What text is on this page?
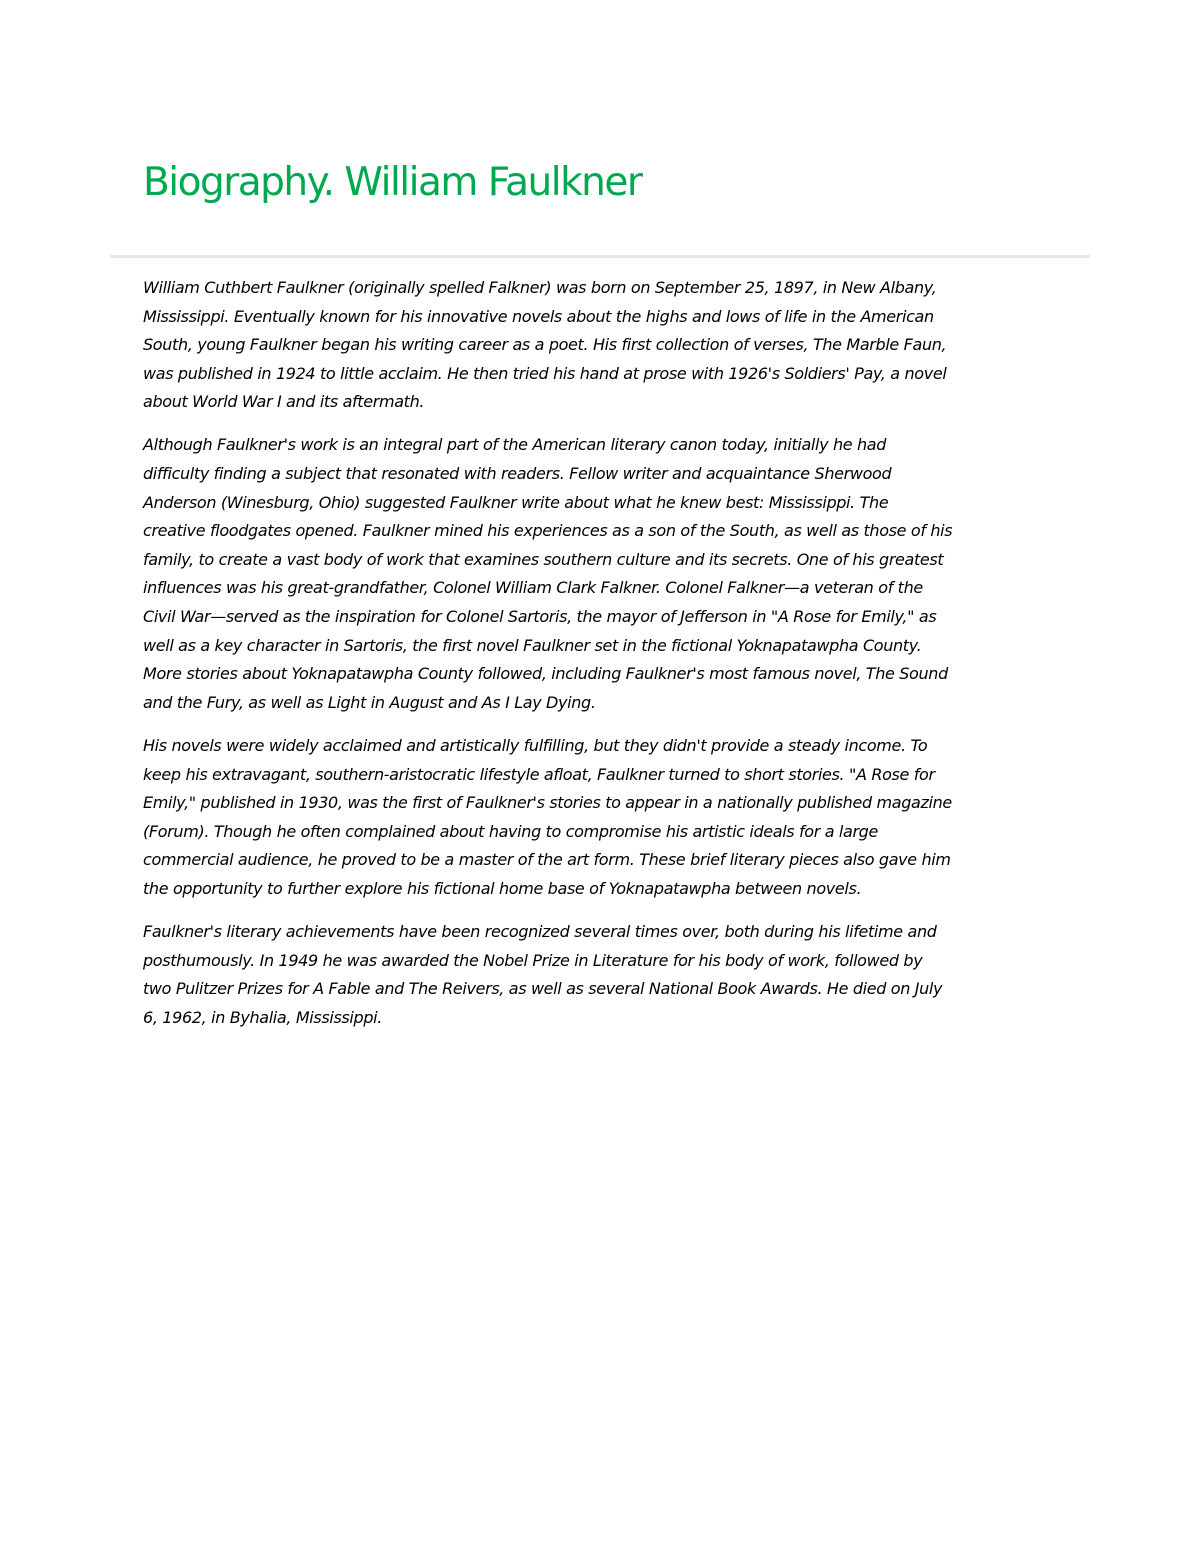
Biography. William Faulkner

William Cuthbert Faulkner (originally spelled Falkner) was born on September 25, 1897, in New Albany,
Mississippi. Eventually known for his innovative novels about the highs and lows of life in the American
South, young Faulkner began his writing career as a poet. His first collection of verses, The Marble Faun,
was published in 1924 to little acclaim. He then tried his hand at prose with 1926's Soldiers' Pay, a novel
about World War I and its aftermath.

Although Faulkner's work is an integral part of the American literary canon today, initially he had
difficulty finding a subject that resonated with readers. Fellow writer and acquaintance Sherwood
Anderson (Winesburg, Ohio) suggested Faulkner write about what he knew best: Mississippi. The
creative floodgates opened. Faulkner mined his experiences as a son of the South, as well as those of his
family, to create a vast body of work that examines southern culture and its secrets. One of his greatest
influences was his great-grandfather, Colonel William Clark Falkner. Colonel Falkner—a veteran of the
Civil War—served as the inspiration for Colonel Sartoris, the mayor of Jefferson in "A Rose for Emily," as
well as a key character in Sartoris, the first novel Faulkner set in the fictional Yoknapatawpha County.
More stories about Yoknapatawpha County followed, including Faulkner's most famous novel, The Sound
and the Fury, as well as Light in August and As I Lay Dying.

His novels were widely acclaimed and artistically fulfilling, but they didn't provide a steady income. To
keep his extravagant, southern-aristocratic lifestyle afloat, Faulkner turned to short stories. "A Rose for
Emily," published in 1930, was the first of Faulkner's stories to appear in a nationally published magazine
(Forum). Though he often complained about having to compromise his artistic ideals for a large
commercial audience, he proved to be a master of the art form. These brief literary pieces also gave him
the opportunity to further explore his fictional home base of Yoknapatawpha between novels.

Faulkner's literary achievements have been recognized several times over, both during his lifetime and
posthumously. In 1949 he was awarded the Nobel Prize in Literature for his body of work, followed by
two Pulitzer Prizes for A Fable and The Reivers, as well as several National Book Awards. He died on July
6, 1962, in Byhalia, Mississippi.
